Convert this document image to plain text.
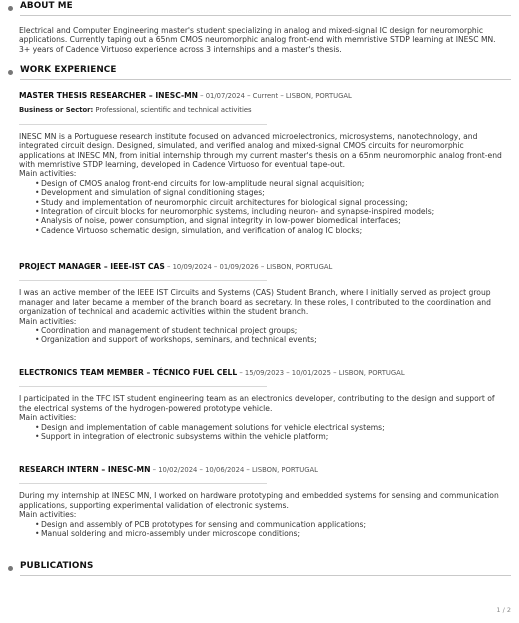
ABOUT ME

Electrical and Computer Engineering master's student specializing in analog and mixed-signal IC design for neuromorphic applications. Currently taping out a 65nm CMOS neuromorphic analog front-end with memristive STDP learning at INESC MN. 3+ years of Cadence Virtuoso experience across 3 internships and a master's thesis.

WORK EXPERIENCE
MASTER THESIS RESEARCHER – INESC-MN – 01/07/2024 – Current – LISBON, PORTUGAL
Business or Sector: Professional, scientific and technical activities

INESC MN is a Portuguese research institute focused on advanced microelectronics, microsystems, nanotechnology, and integrated circuit design. Designed, simulated, and verified analog and mixed-signal CMOS circuits for neuromorphic applications at INESC MN, from initial internship through my current master's thesis on a 65nm neuromorphic analog front-end with memristive STDP learning, developed in Cadence Virtuoso for eventual tape-out.

Main activities:
• Design of CMOS analog front-end circuits for low-amplitude neural signal acquisition;
• Development and simulation of signal conditioning stages;
• Study and implementation of neuromorphic circuit architectures for biological signal processing;
• Integration of circuit blocks for neuromorphic systems, including neuron- and synapse-inspired models;
• Analysis of noise, power consumption, and signal integrity in low-power biomedical interfaces;
• Cadence Virtuoso schematic design, simulation, and verification of analog IC blocks;
PROJECT MANAGER – IEEE-IST CAS – 10/09/2024 – 01/09/2026 – LISBON, PORTUGAL

I was an active member of the IEEE IST Circuits and Systems (CAS) Student Branch, where I initially served as project group manager and later became a member of the branch board as secretary. In these roles, I contributed to the coordination and organization of technical and academic activities within the student branch.

Main activities:
• Coordination and management of student technical project groups;
• Organization and support of workshops, seminars, and technical events;
ELECTRONICS TEAM MEMBER – TÉCNICO FUEL CELL – 15/09/2023 – 10/01/2025 – LISBON, PORTUGAL

I participated in the TFC IST student engineering team as an electronics developer, contributing to the design and support of the electrical systems of the hydrogen-powered prototype vehicle.

Main activities:
• Design and implementation of cable management solutions for vehicle electrical systems;
• Support in integration of electronic subsystems within the vehicle platform;
RESEARCH INTERN – INESC-MN – 10/02/2024 – 10/06/2024 – LISBON, PORTUGAL

During my internship at INESC MN, I worked on hardware prototyping and embedded systems for sensing and communication applications, supporting experimental validation of electronic systems.

Main activities:
• Design and assembly of PCB prototypes for sensing and communication applications;
• Manual soldering and micro-assembly under microscope conditions;
PUBLICATIONS
1 / 2
